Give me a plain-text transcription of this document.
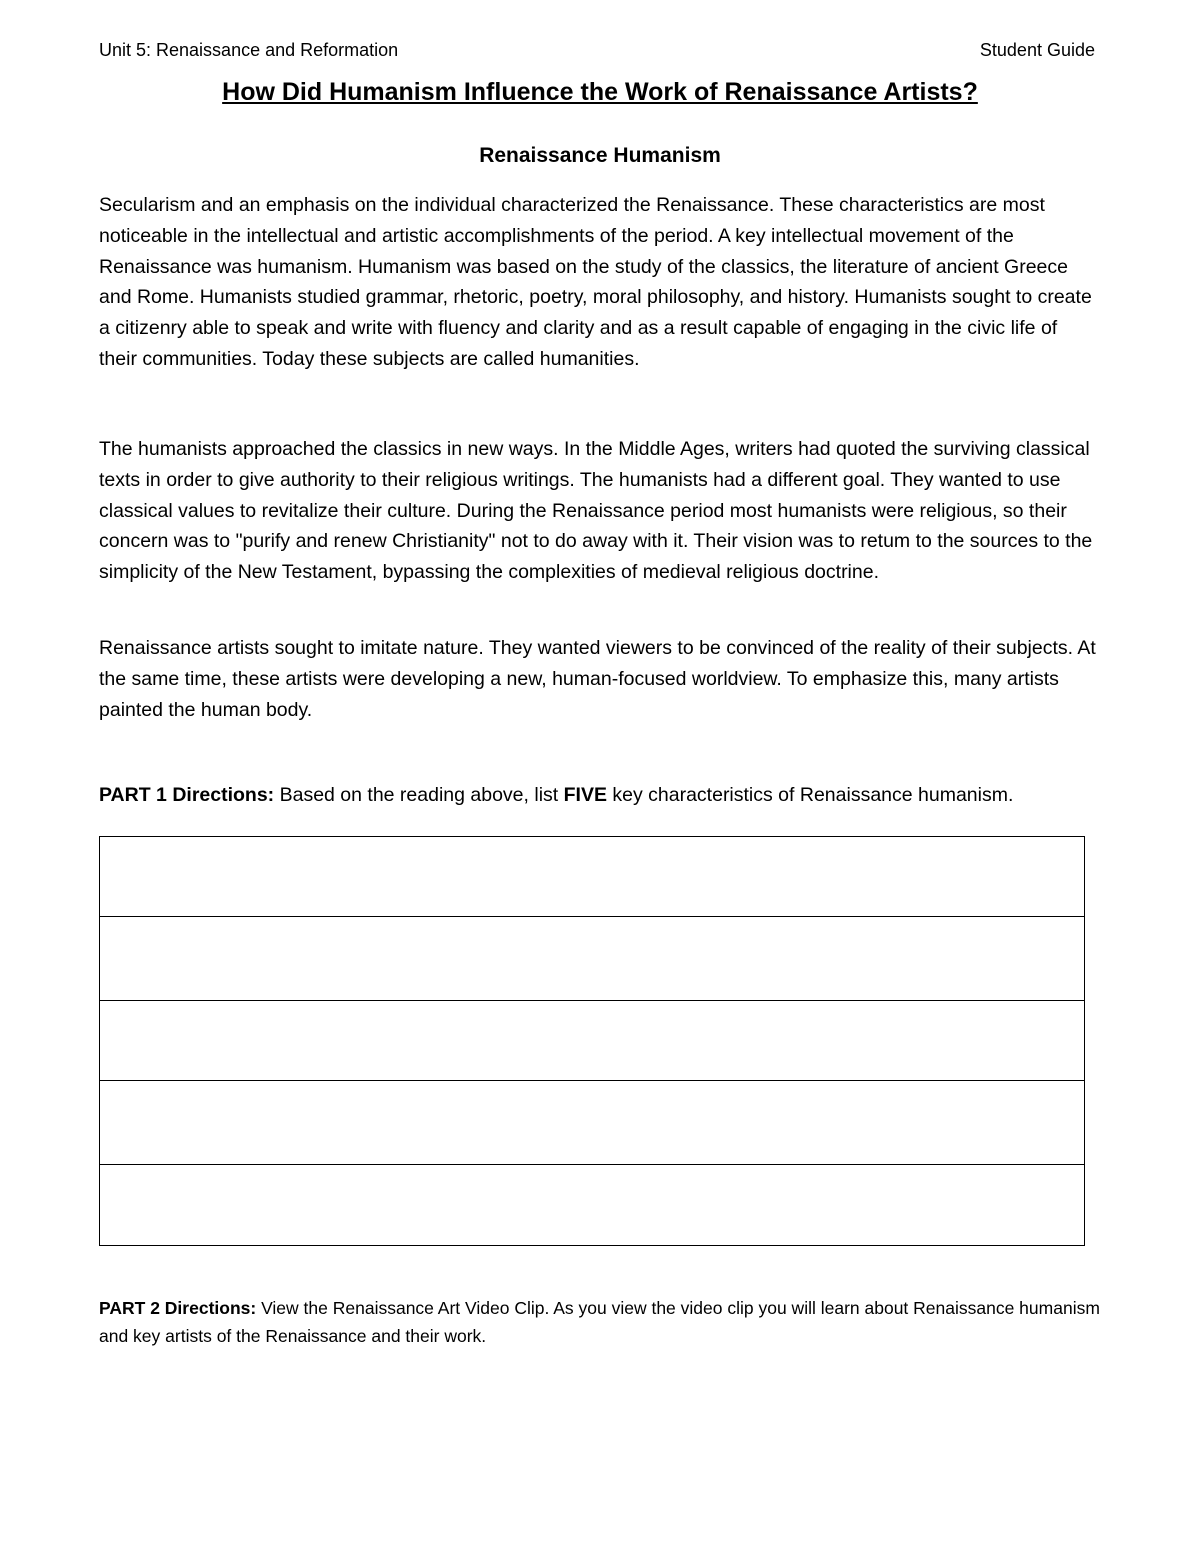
Unit 5: Renaissance and Reformation	Student Guide
How Did Humanism Influence the Work of Renaissance Artists?
Renaissance Humanism

Secularism and an emphasis on the individual characterized the Renaissance. These characteristics are most noticeable in the intellectual and artistic accomplishments of the period. A key intellectual movement of the Renaissance was humanism. Humanism was based on the study of the classics, the literature of ancient Greece and Rome. Humanists studied grammar, rhetoric, poetry, moral philosophy, and history. Humanists sought to create a citizenry able to speak and write with fluency and clarity and as a result capable of engaging in the civic life of their communities. Today these subjects are called humanities.

The humanists approached the classics in new ways. In the Middle Ages, writers had quoted the surviving classical texts in order to give authority to their religious writings. The humanists had a different goal. They wanted to use classical values to revitalize their culture. During the Renaissance period most humanists were religious, so their concern was to "purify and renew Christianity" not to do away with it. Their vision was to retum to the sources to the simplicity of the New Testament, bypassing the complexities of medieval religious doctrine.

Renaissance artists sought to imitate nature. They wanted viewers to be convinced of the reality of their subjects. At the same time, these artists were developing a new, human-focused worldview. To emphasize this, many artists painted the human body.

PART 1 Directions: Based on the reading above, list FIVE key characteristics of Renaissance humanism.

PART 2 Directions: View the Renaissance Art Video Clip. As you view the video clip you will learn about Renaissance humanism and key artists of the Renaissance and their work.
